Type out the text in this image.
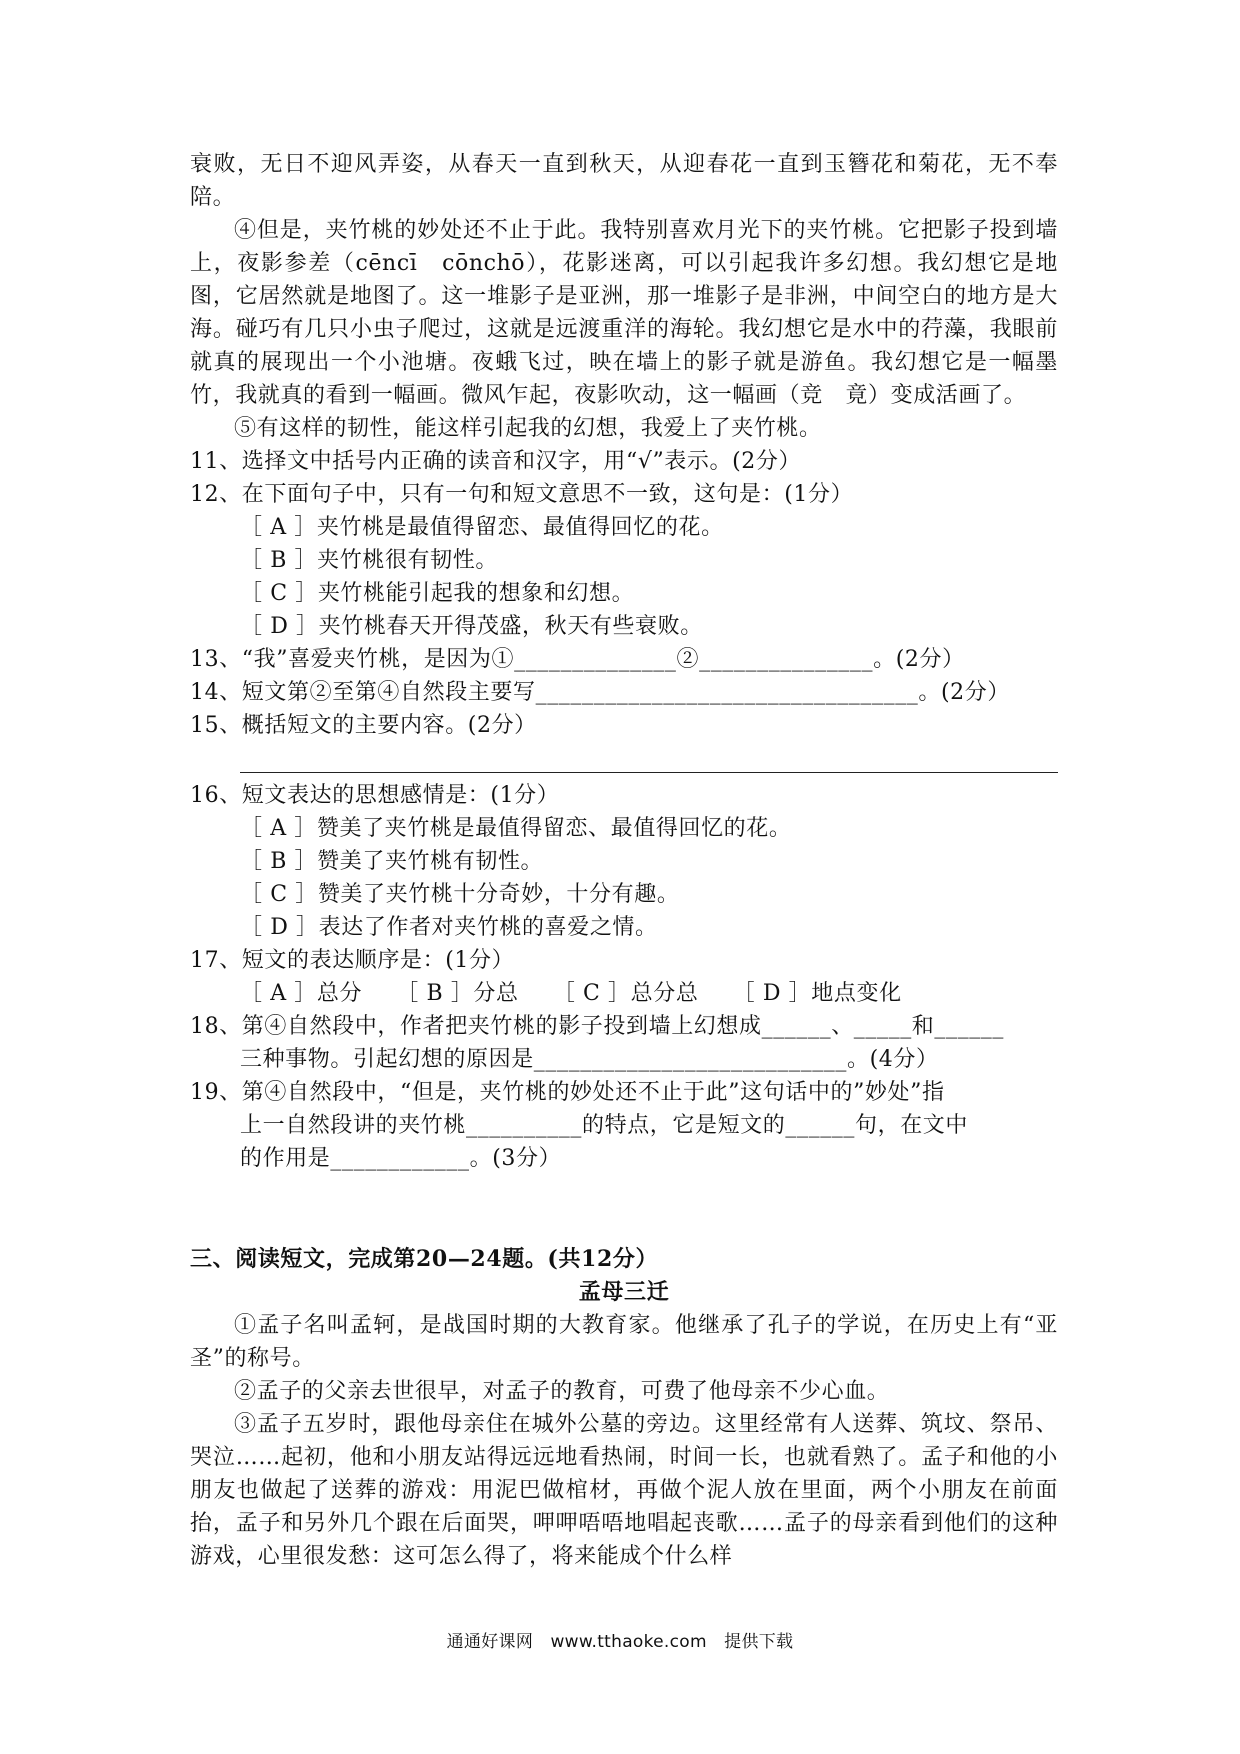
衰败，无日不迎风弄姿，从春天一直到秋天，从迎春花一直到玉簪花和菊花，无不奉陪。

④但是，夹竹桃的妙处还不止于此。我特别喜欢月光下的夹竹桃。它把影子投到墙上，夜影参差（cēncī　cōnchō），花影迷离，可以引起我许多幻想。我幻想它是地图，它居然就是地图了。这一堆影子是亚洲，那一堆影子是非洲，中间空白的地方是大海。碰巧有几只小虫子爬过，这就是远渡重洋的海轮。我幻想它是水中的荇藻，我眼前就真的展现出一个小池塘。夜蛾飞过，映在墙上的影子就是游鱼。我幻想它是一幅墨竹，我就真的看到一幅画。微风乍起，夜影吹动，这一幅画（竞　竟）变成活画了。

⑤有这样的韧性，能这样引起我的幻想，我爱上了夹竹桃。

11、选择文中括号内正确的读音和汉字，用“√”表示。(2分）

12、在下面句子中，只有一句和短文意思不一致，这句是：(1分）

［ A ］夹竹桃是最值得留恋、最值得回忆的花。

［ B ］夹竹桃很有韧性。

［ C ］夹竹桃能引起我的想象和幻想。

［ D ］夹竹桃春天开得茂盛，秋天有些衰败。

13、“我”喜爱夹竹桃，是因为①______________②_______________。(2分）

14、短文第②至第④自然段主要写_________________________________。(2分）

15、概括短文的主要内容。(2分）

16、短文表达的思想感情是：(1分）

［ A ］赞美了夹竹桃是最值得留恋、最值得回忆的花。

［ B ］赞美了夹竹桃有韧性。

［ C ］赞美了夹竹桃十分奇妙，十分有趣。

［ D ］表达了作者对夹竹桃的喜爱之情。

17、短文的表达顺序是：(1分）

［ A ］总分　　［ B ］分总　　［ C ］总分总　　［ D ］地点变化

18、第④自然段中，作者把夹竹桃的影子投到墙上幻想成______、_____和______

三种事物。引起幻想的原因是___________________________。(4分）

19、第④自然段中，“但是，夹竹桃的妙处还不止于此”这句话中的”妙处”指

上一自然段讲的夹竹桃__________的特点，它是短文的______句，在文中

的作用是____________。(3分）

三、阅读短文，完成第20—24题。(共12分）

孟母三迁

①孟子名叫孟轲，是战国时期的大教育家。他继承了孔子的学说，在历史上有“亚圣”的称号。

②孟子的父亲去世很早，对孟子的教育，可费了他母亲不少心血。

③孟子五岁时，跟他母亲住在城外公墓的旁边。这里经常有人送葬、筑坟、祭吊、哭泣……起初，他和小朋友站得远远地看热闹，时间一长，也就看熟了。孟子和他的小朋友也做起了送葬的游戏：用泥巴做棺材，再做个泥人放在里面，两个小朋友在前面抬，孟子和另外几个跟在后面哭，呷呷唔唔地唱起丧歌……孟子的母亲看到他们的这种游戏，心里很发愁：这可怎么得了，将来能成个什么样

通通好课网　www.tthaoke.com　提供下载
